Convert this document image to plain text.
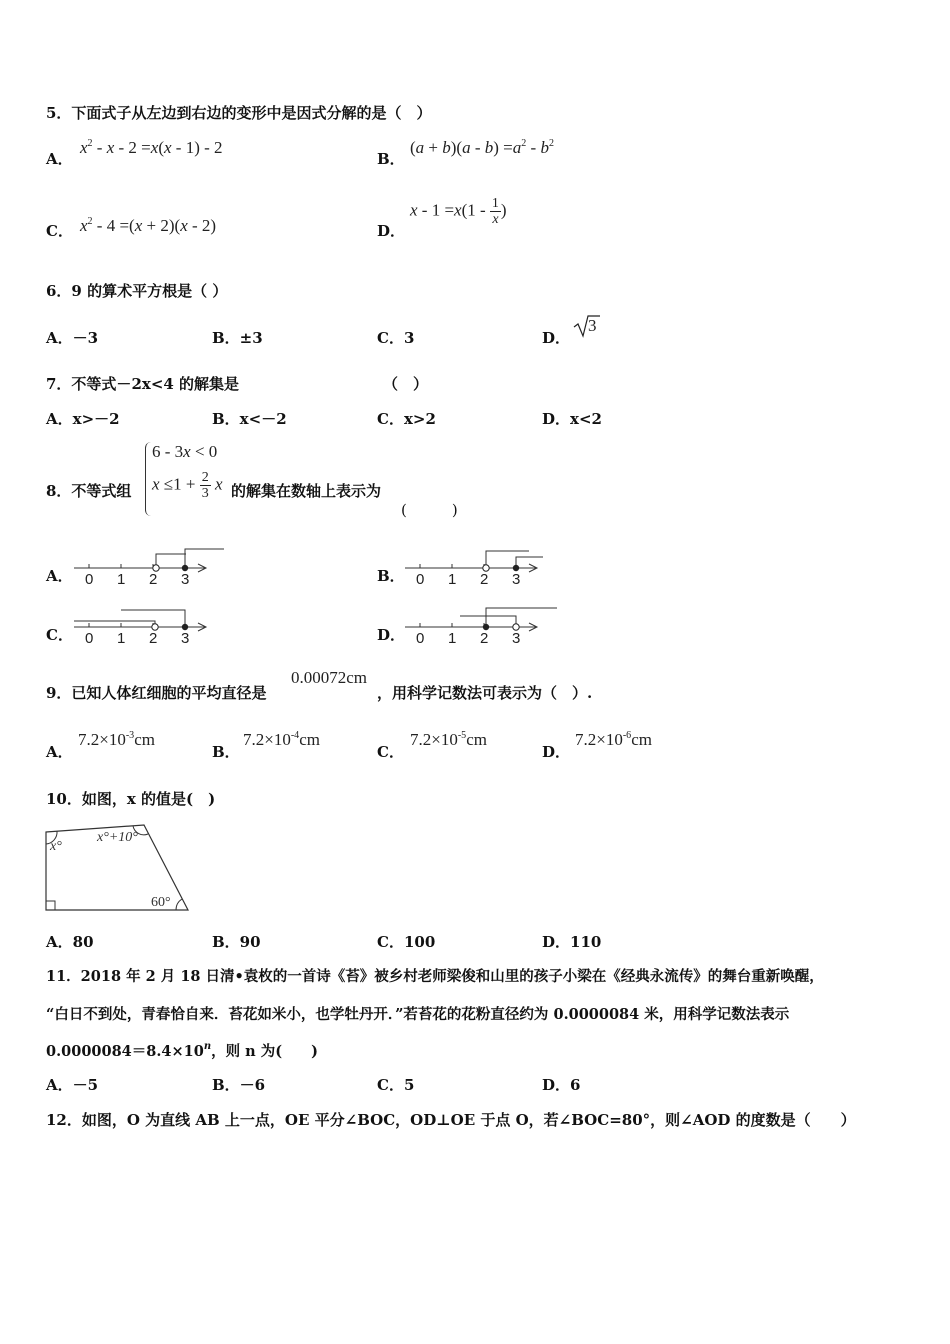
5．下面式子从左边到右边的变形中是因式分解的是（　）
A．
$x^2 - x - 2 =x(x - 1) - 2$
B．
$(a + b)(a - b) =a^2 - b^2$
C． $x^2 - 4 =(x + 2)(x - 2)$	D．
$x - 1 =x(1 - \frac{1}{x}$ )
6．9 的算术平方根是（ ）
A．－3	B．±3	C．3	D．
3
7．不等式－2x<4 的解集是	（　）
A．x>－2	B．x<－2	C．x>2	D．x<2
8．不等式组
6 - 3x < 0
$x \le 1 + \frac{2}{3}$ x 的解集在数轴上表示为
(　　　)
A． 0 1 2 3	B． 0 1 2 3
C． 0 1 2 3	D． 0 1 2 3
9．已知人体红细胞的平均直径是
0.00072cm
，用科学记数法可表示为（　）.
A．
$7.2\times 10^{-3}cm$
B．
$7.2\times 10^{-4}cm$
C．
$7.2\times 10^{-5}cm$
D．
$7.2\times 10^{-6}cm$
10．如图，x 的值是(　)
x°
x°+10°
60°
A．80	B．90	C．100	D．110
11．2018 年 2 月 18 日清•袁枚的一首诗《苔》被乡村老师梁俊和山里的孩子小梁在《经典永流传》的舞台重新唤醒，
“白日不到处，青春恰自来．苔花如米小，也学牡丹开．”若苔花的花粉直径约为 0.0000084 米，用科学记数法表示
$0.0000084=8.4\times 10^n$，则 n 为(　　)
A．－5	B．－6	C．5	D．6
12．如图，O 为直线 AB 上一点，OE 平分∠BOC，OD⊥OE 于点 O，若∠BOC=80°，则∠AOD 的度数是（　　）
